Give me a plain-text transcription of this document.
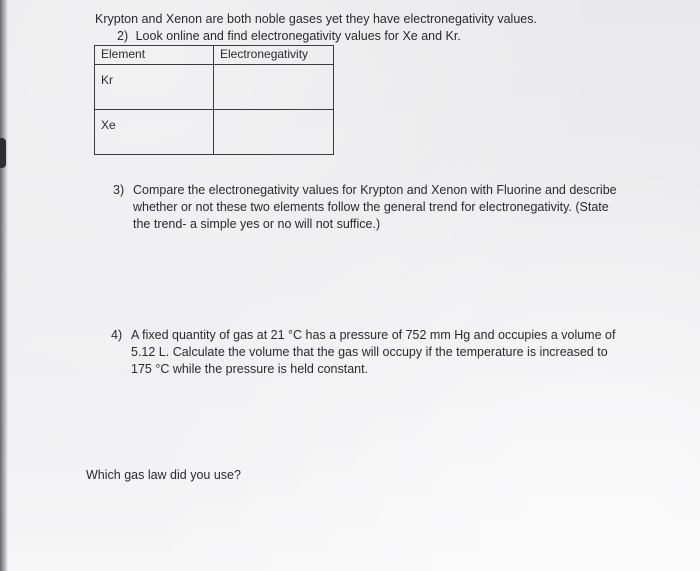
Krypton and Xenon are both noble gases yet they have electronegativity values.
2) Look online and find electronegativity values for Xe and Kr.
Element	Electronegativity
Kr	
Xe	
3) Compare the electronegativity values for Krypton and Xenon with Fluorine and describe
whether or not these two elements follow the general trend for electronegativity. (State
the trend- a simple yes or no will not suffice.)
4) A fixed quantity of gas at 21 °C has a pressure of 752 mm Hg and occupies a volume of
5.12 L. Calculate the volume that the gas will occupy if the temperature is increased to
175 °C while the pressure is held constant.
Which gas law did you use?
